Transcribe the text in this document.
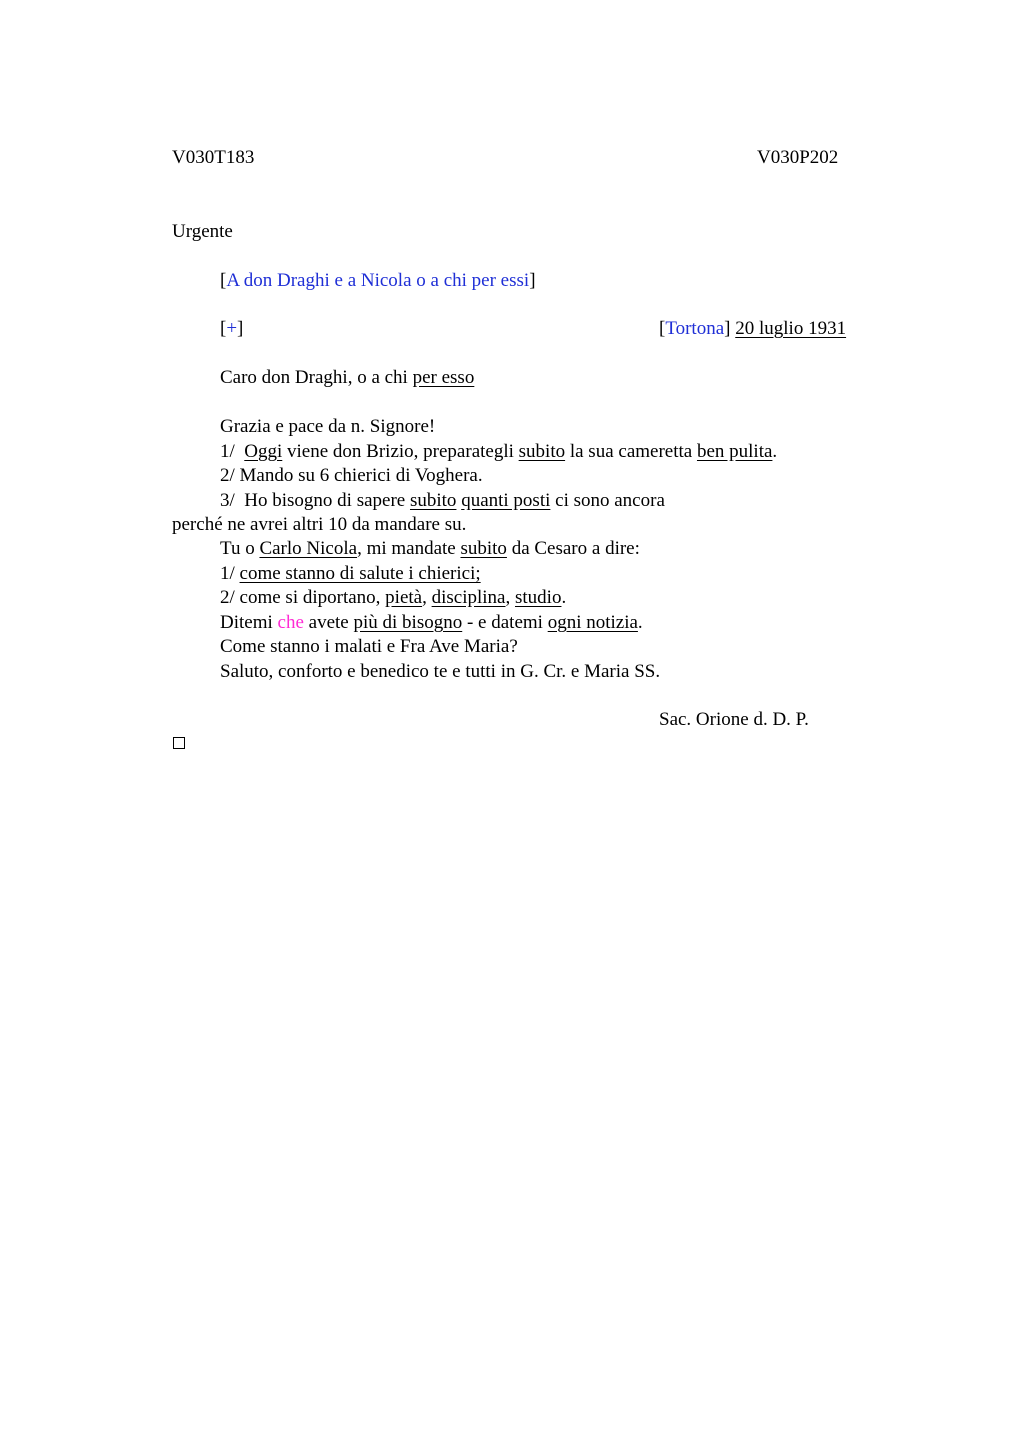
V030T183	V030P202
Urgente
[A don Draghi e a Nicola o a chi per essi]
[+]	[Tortona] 20 luglio 1931
Caro don Draghi, o a chi per esso
Grazia e pace da n. Signore!
1/  Oggi viene don Brizio, preparategli subito la sua cameretta ben pulita.
2/ Mando su 6 chierici di Voghera.
3/  Ho bisogno di sapere subito quanti posti ci sono ancora
perché ne avrei altri 10 da mandare su.
Tu o Carlo Nicola, mi mandate subito da Cesaro a dire:
1/ come stanno di salute i chierici;
2/ come si diportano, pietà, disciplina, studio.
Ditemi che avete più di bisogno - e datemi ogni notizia.
Come stanno i malati e Fra Ave Maria?
Saluto, conforto e benedico te e tutti in G. Cr. e Maria SS.
Sac. Orione d. D. P.
